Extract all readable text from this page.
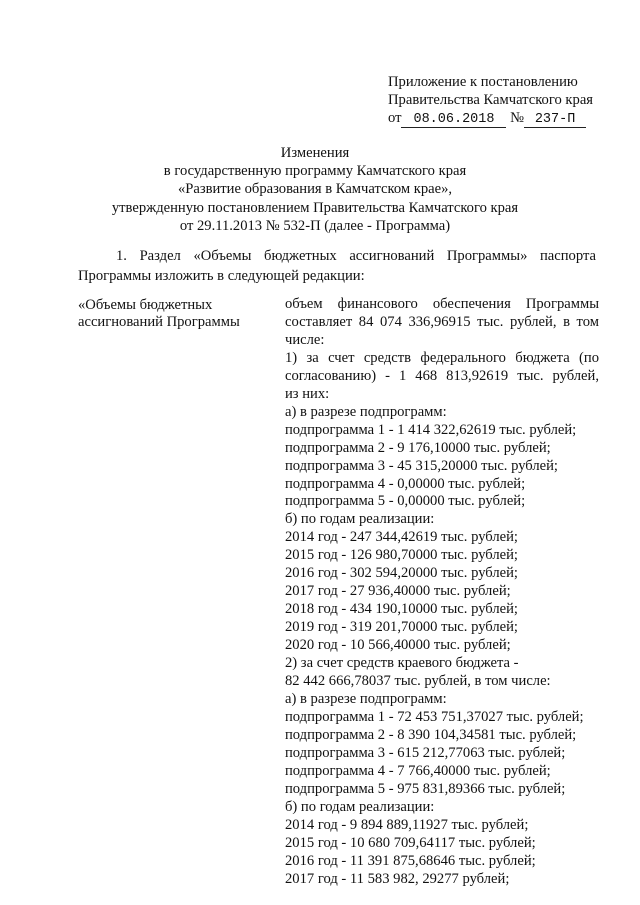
Приложение к постановлению
Правительства Камчатского края
от 08.06.2018 № 237-П
Изменения
в государственную программу Камчатского края
«Развитие образования в Камчатском крае»,
утвержденную постановлением Правительства Камчатского края
от 29.11.2013 № 532-П (далее - Программа)
1. Раздел «Объемы бюджетных ассигнований Программы» паспорта Программы изложить в следующей редакции:
«Объемы бюджетных ассигнований Программы
объем финансового обеспечения Программы
составляет 84 074 336,96915 тыс. рублей, в том
числе:
1) за счет средств федерального бюджета (по
согласованию) - 1 468 813,92619 тыс. рублей,
из них:
а) в разрезе подпрограмм:
подпрограмма 1 - 1 414 322,62619 тыс. рублей;
подпрограмма 2 - 9 176,10000 тыс. рублей;
подпрограмма 3 - 45 315,20000 тыс. рублей;
подпрограмма 4 - 0,00000 тыс. рублей;
подпрограмма 5 - 0,00000 тыс. рублей;
б) по годам реализации:
2014 год - 247 344,42619 тыс. рублей;
2015 год - 126 980,70000 тыс. рублей;
2016 год - 302 594,20000 тыс. рублей;
2017 год - 27 936,40000 тыс. рублей;
2018 год - 434 190,10000 тыс. рублей;
2019 год - 319 201,70000 тыс. рублей;
2020 год - 10 566,40000 тыс. рублей;
2) за счет средств краевого бюджета -
82 442 666,78037 тыс. рублей, в том числе:
а) в разрезе подпрограмм:
подпрограмма 1 - 72 453 751,37027 тыс. рублей;
подпрограмма 2 - 8 390 104,34581 тыс. рублей;
подпрограмма 3 - 615 212,77063 тыс. рублей;
подпрограмма 4 - 7 766,40000 тыс. рублей;
подпрограмма 5 - 975 831,89366 тыс. рублей;
б) по годам реализации:
2014 год - 9 894 889,11927 тыс. рублей;
2015 год - 10 680 709,64117 тыс. рублей;
2016 год - 11 391 875,68646 тыс. рублей;
2017 год - 11 583 982, 29277 рублей;
